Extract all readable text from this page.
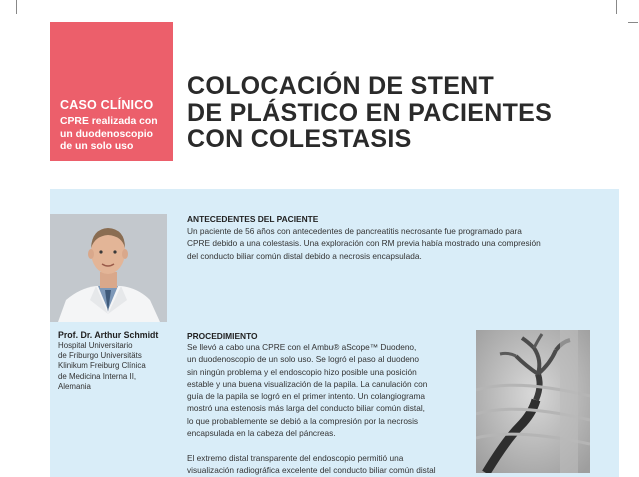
CASO CLÍNICO
CPRE realizada con
un duodenoscopio
de un solo uso
COLOCACIÓN DE STENT
DE PLÁSTICO EN PACIENTES
CON COLESTASIS
Prof. Dr. Arthur Schmidt
Hospital Universitario
de Friburgo Universitäts
Klinikum Freiburg Clínica
de Medicina Interna II,
Alemania
ANTECEDENTES DEL PACIENTE
Un paciente de 56 años con antecedentes de pancreatitis necrosante fue programado para
CPRE debido a una colestasis. Una exploración con RM previa había mostrado una compresión
del conducto biliar común distal debido a necrosis encapsulada.
PROCEDIMIENTO
Se llevó a cabo una CPRE con el Ambu® aScope™ Duodeno,
un duodenoscopio de un solo uso. Se logró el paso al duodeno
sin ningún problema y el endoscopio hizo posible una posición
estable y una buena visualización de la papila. La canulación con
guía de la papila se logró en el primer intento. Un colangiograma
mostró una estenosis más larga del conducto biliar común distal,
lo que probablemente se debió a la compresión por la necrosis
encapsulada en la cabeza del páncreas.

El extremo distal transparente del endoscopio permitió una
visualización radiográfica excelente del conducto biliar común distal
